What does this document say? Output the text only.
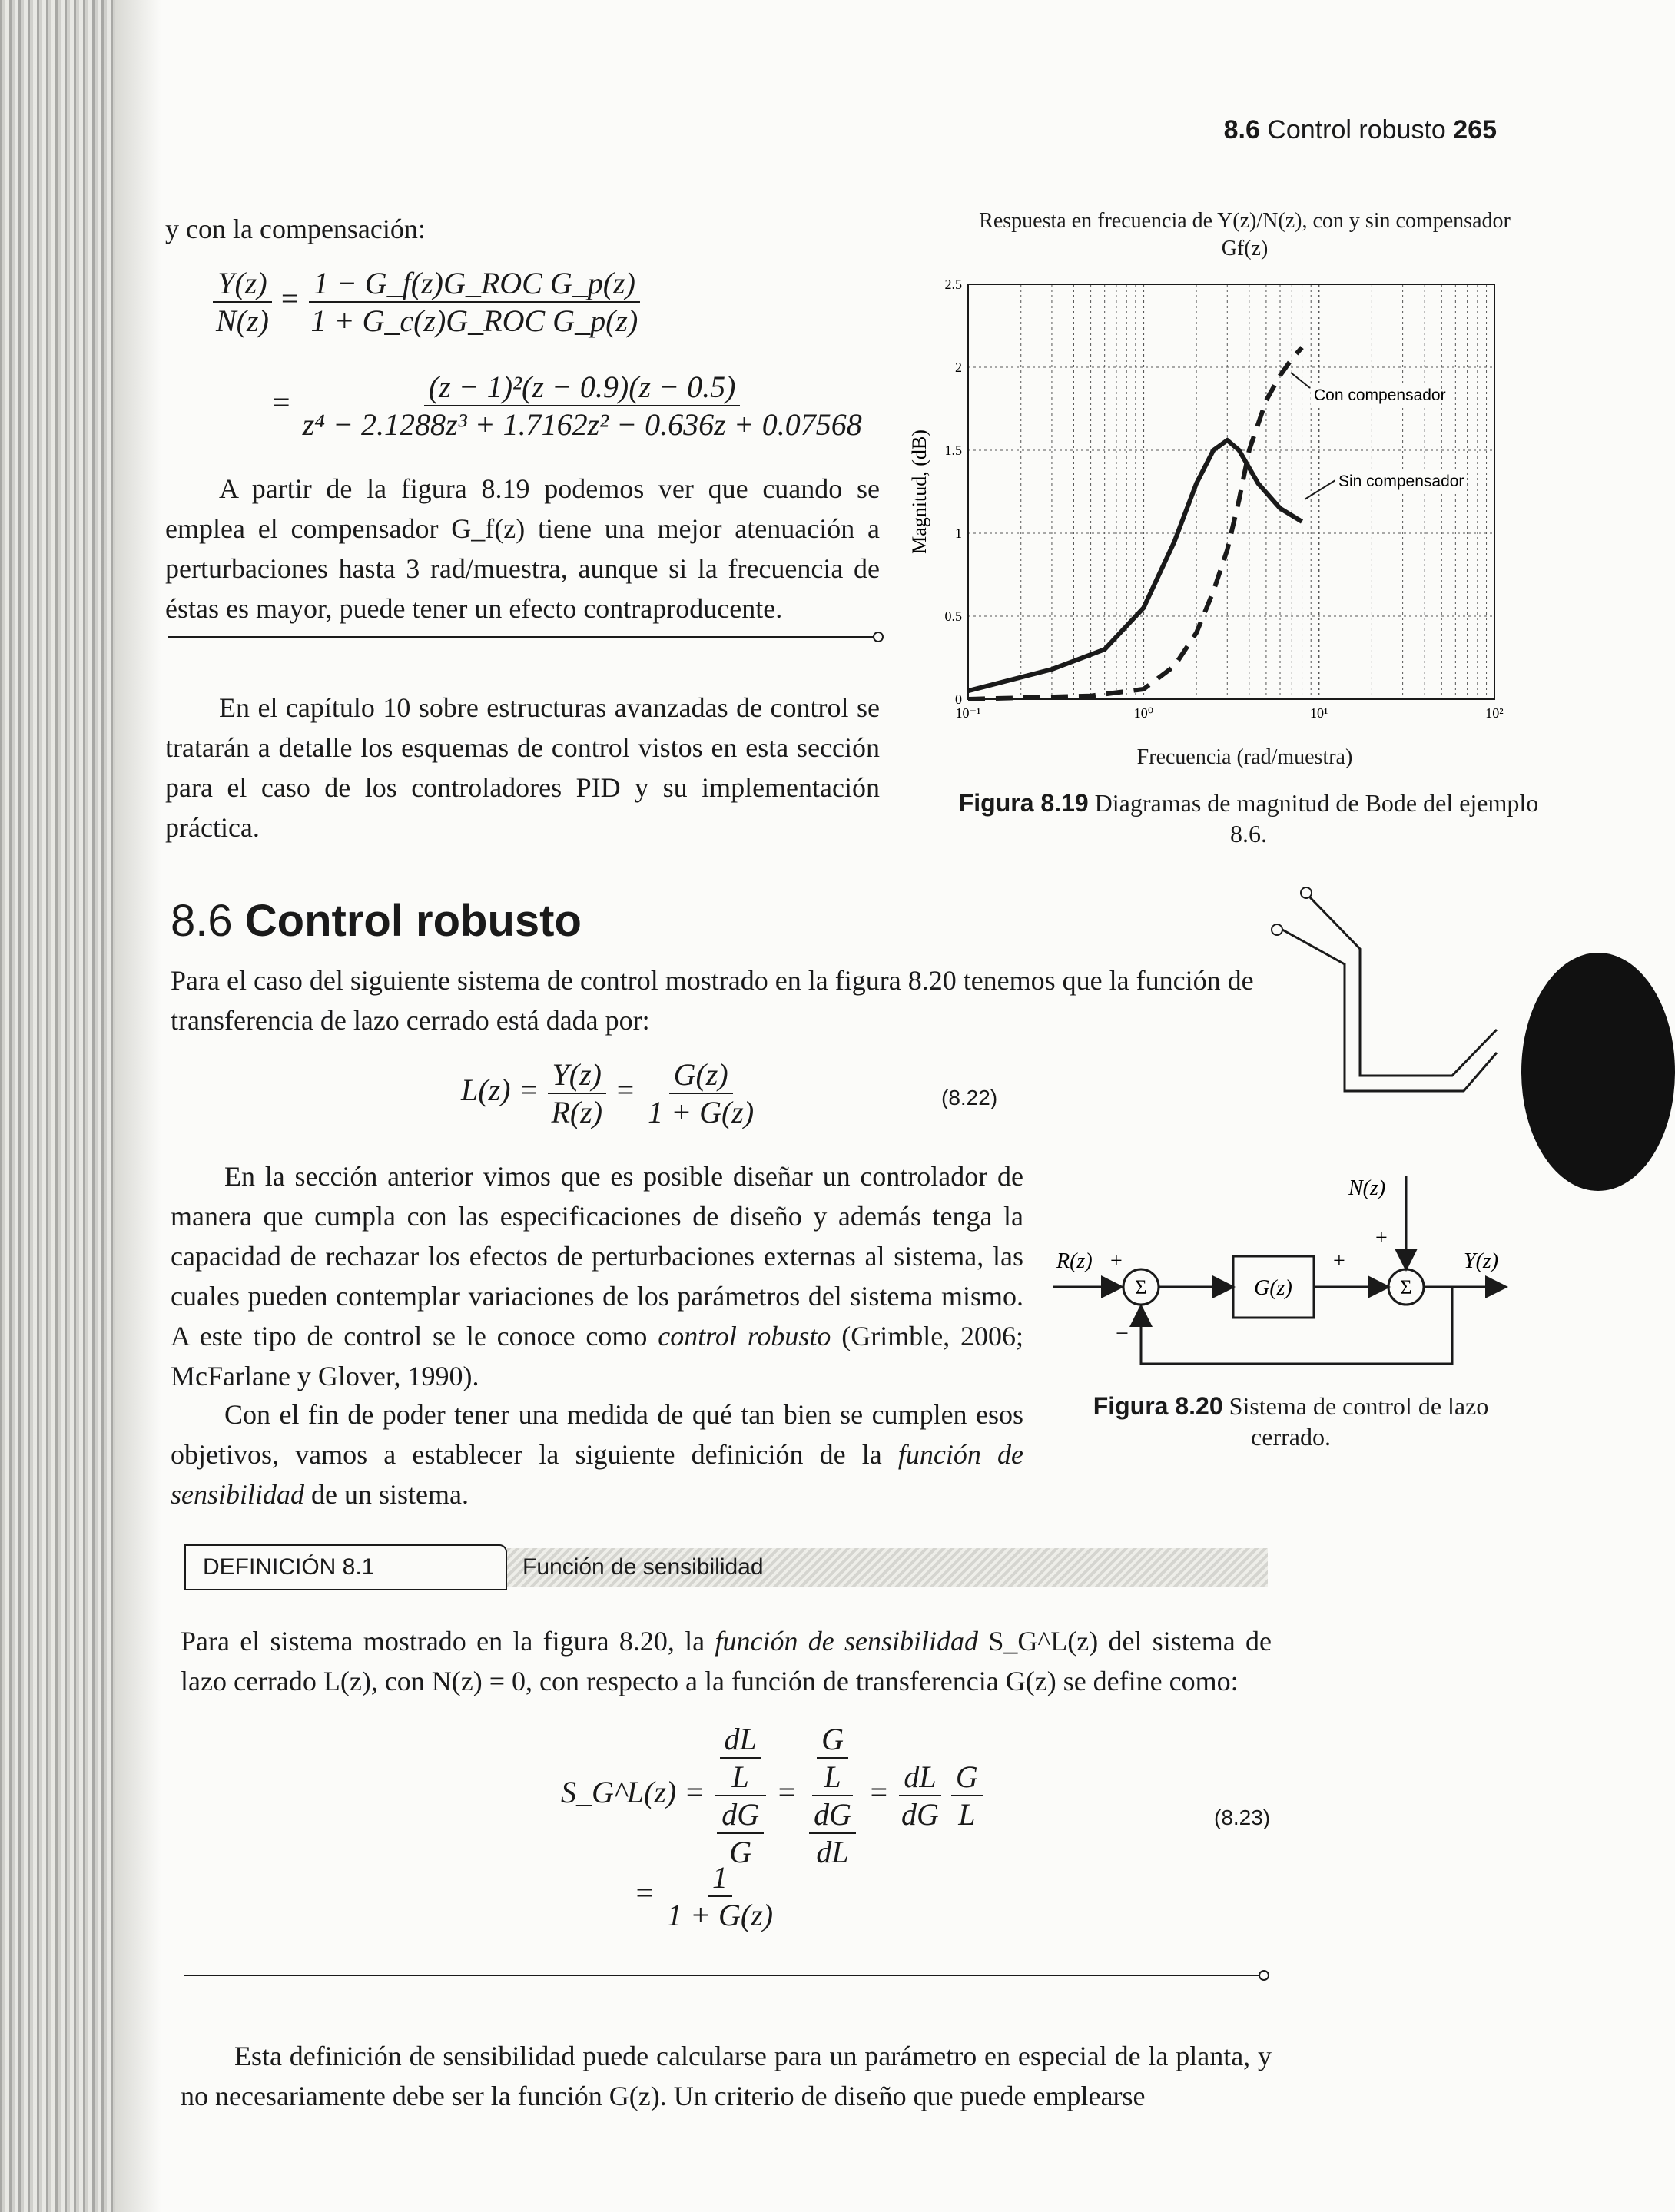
8.6 Control robusto 265
y con la compensación:
$\frac{Y(z)}{N(z)} = \frac{\text{1 − G\_f(z)G\_ROC G\_p(z)}}{\text{1 + G\_c(z)G\_ROC G\_p(z)}}$
= $\frac{\text{(z − 1)²(z − 0.9)(z − 0.5)}}{\text{z⁴ − 2.1288z³ + 1.7162z² − 0.636z + 0.07568}}$
A partir de la figura 8.19 podemos ver que cuando se emplea el compensador G_f(z) tiene una mejor atenuación a perturbaciones hasta 3 rad/muestra, aunque si la frecuencia de éstas es mayor, puede tener un efecto contraproducente.
En el capítulo 10 sobre estructuras avanzadas de control se tratarán a detalle los esquemas de control vistos en esta sección para el caso de los controladores PID y su implementación práctica.
Respuesta en frecuencia de Y(z)/N(z), con y sin compensador Gf(z)
0
0.5
1
1.5
2
2.5
10⁻¹	10⁰	10¹	10²
Con compensador
Sin compensador
Magnitud, (dB)
Frecuencia (rad/muestra)
Figura 8.19 Diagramas de magnitud de Bode del ejemplo 8.6.
8.6 Control robusto
Para el caso del siguiente sistema de control mostrado en la figura 8.20 tenemos que la función de transferencia de lazo cerrado está dada por:
$L(z) = \frac{Y(z)}{R(z)} = \frac{G(z)}{1 + G(z)}$	(8.22)
En la sección anterior vimos que es posible diseñar un controlador de manera que cumpla con las especificaciones de diseño y además tenga la capacidad de rechazar los efectos de perturbaciones externas al sistema, las cuales pueden contemplar variaciones de los parámetros del sistema mismo. A este tipo de control se le conoce como control robusto (Grimble, 2006; McFarlane y Glover, 1990).
Con el fin de poder tener una medida de qué tan bien se cumplen esos objetivos, vamos a establecer la siguiente definición de la función de sensibilidad de un sistema.
R(z) +
Σ	G(z)
+
Σ
N(z)
+
Y(z)
−
Figura 8.20 Sistema de control de lazo cerrado.
DEFINICIÓN 8.1	Función de sensibilidad
Para el sistema mostrado en la figura 8.20, la función de sensibilidad S_G^L(z) del sistema de lazo cerrado L(z), con N(z) = 0, con respecto a la función de transferencia G(z) se define como:
S_G^L(z) = $\frac{\frac{dL}{L}}{\frac{dG}{G}} = \frac{\frac{G}{L}}{\frac{dG}{dL}} = \frac{dL}{dG}$
$\frac{G}{L}$
= $\frac{1}{1 + G(z)}$
(8.23)
Esta definición de sensibilidad puede calcularse para un parámetro en especial de la planta, y no necesariamente debe ser la función G(z). Un criterio de diseño que puede emplearse
